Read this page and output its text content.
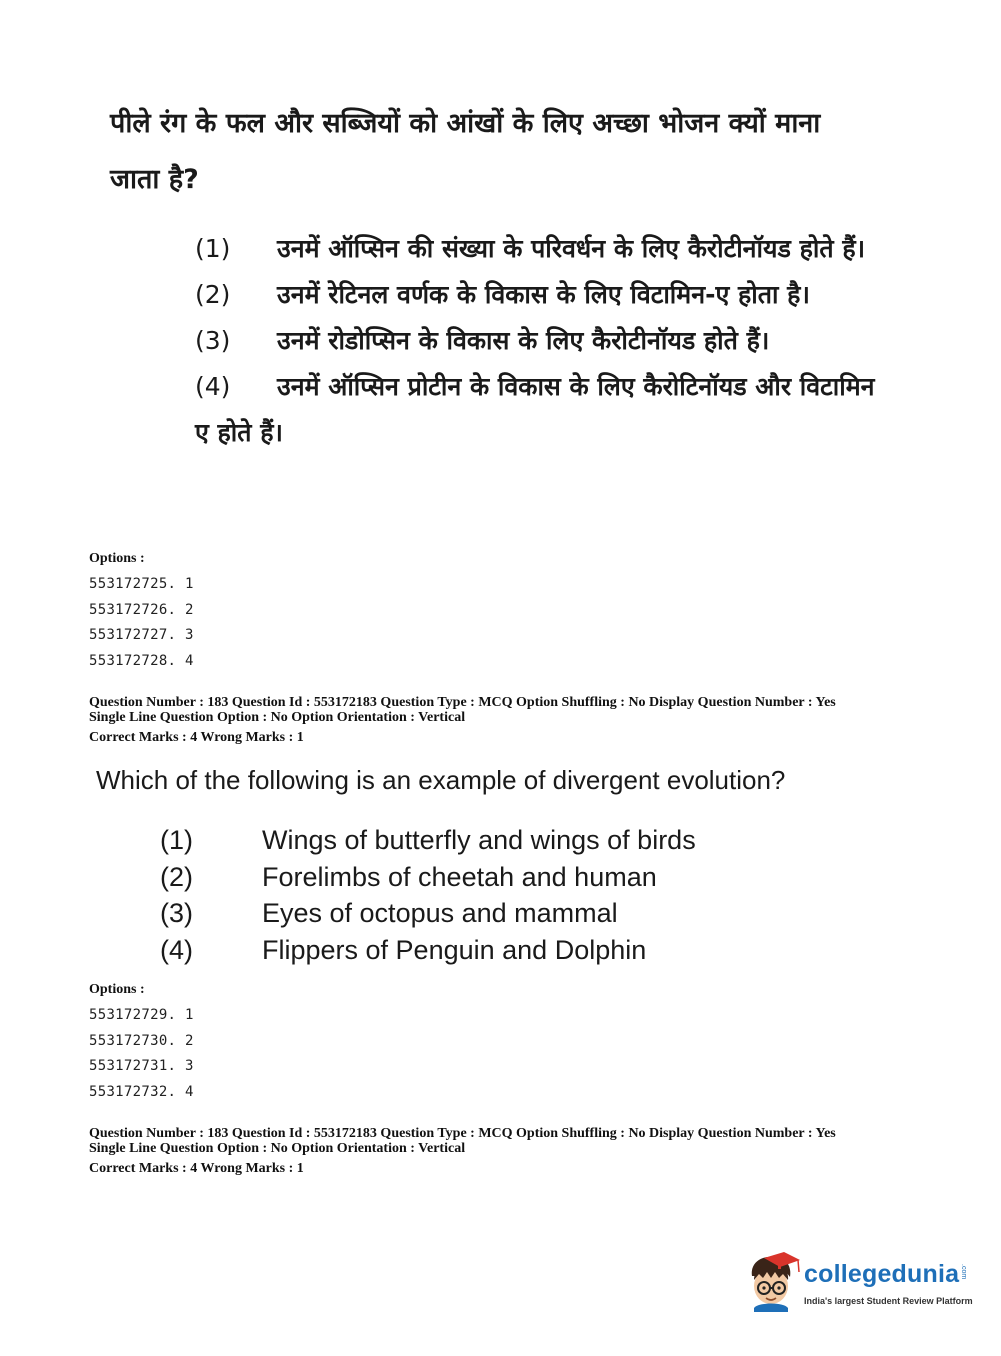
पीले रंग के फल और सब्जियों को आंखों के लिए अच्छा भोजन क्यों माना जाता है?

(1) उनमें ऑप्सिन की संख्या के परिवर्धन के लिए कैरोटीनॉयड होते हैं।

(2) उनमें रेटिनल वर्णक के विकास के लिए विटामिन-ए होता है।

(3) उनमें रोडोप्सिन के विकास के लिए कैरोटीनॉयड होते हैं।

(4) उनमें ऑप्सिन प्रोटीन के विकास के लिए कैरोटिनॉयड और विटामिन ए होते हैं।

Options :

553172725. 1

553172726. 2

553172727. 3

553172728. 4

Question Number : 183 Question Id : 553172183 Question Type : MCQ Option Shuffling : No Display Question Number : Yes

Single Line Question Option : No Option Orientation : Vertical

Correct Marks : 4 Wrong Marks : 1

Which of the following is an example of divergent evolution?

(1)	Wings of butterfly and wings of birds

(2)	Forelimbs of cheetah and human

(3)	Eyes of octopus and mammal

(4)	Flippers of Penguin and Dolphin

Options :

553172729. 1

553172730. 2

553172731. 3

553172732. 4

Question Number : 183 Question Id : 553172183 Question Type : MCQ Option Shuffling : No Display Question Number : Yes

Single Line Question Option : No Option Orientation : Vertical

Correct Marks : 4 Wrong Marks : 1

collegedunia .com

India's largest Student Review Platform
